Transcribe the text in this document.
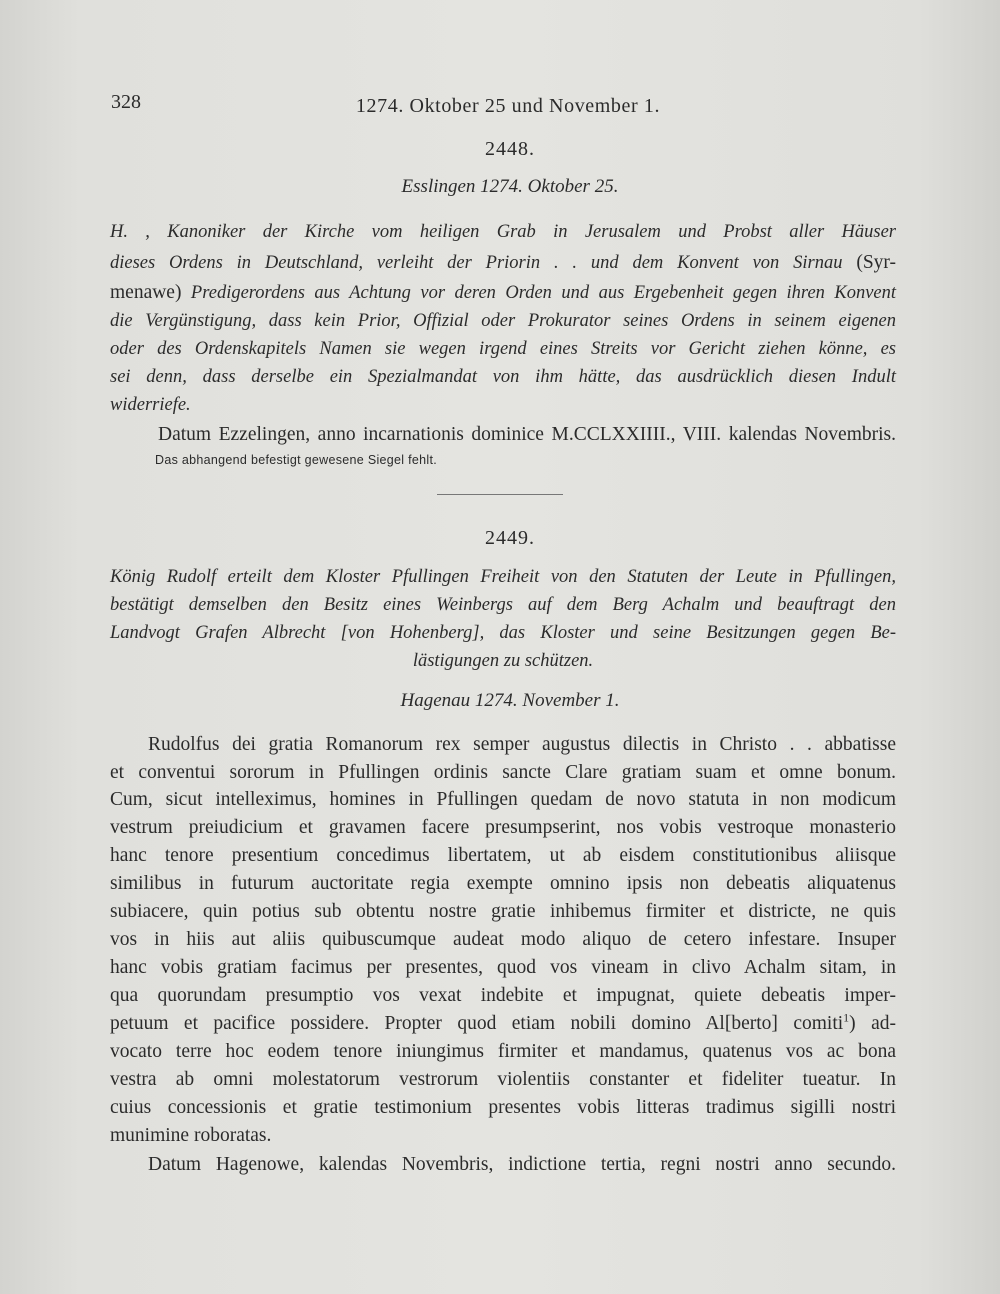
328	1274. Oktober 25 und November 1.

2448.

Esslingen 1274. Oktober 25.

H. , Kanoniker der Kirche vom heiligen Grab in Jerusalem und Probst aller Häuser

dieses Ordens in Deutschland, verleiht der Priorin . . und dem Konvent von Sirnau (Syr-

menawe) Predigerordens aus Achtung vor deren Orden und aus Ergebenheit gegen ihren Konvent

die Vergünstigung, dass kein Prior, Offizial oder Prokurator seines Ordens in seinem eigenen

oder des Ordenskapitels Namen sie wegen irgend eines Streits vor Gericht ziehen könne, es

sei denn, dass derselbe ein Spezialmandat von ihm hätte, das ausdrücklich diesen Indult

widerriefe.

Datum Ezzelingen, anno incarnationis dominice M.CCLXXIIII., VIII. kalendas Novembris.

Das abhangend befestigt gewesene Siegel fehlt.

2449.

König Rudolf erteilt dem Kloster Pfullingen Freiheit von den Statuten der Leute in Pfullingen,

bestätigt demselben den Besitz eines Weinbergs auf dem Berg Achalm und beauftragt den

Landvogt Grafen Albrecht [von Hohenberg], das Kloster und seine Besitzungen gegen Be-

lästigungen zu schützen.

Hagenau 1274. November 1.

Rudolfus dei gratia Romanorum rex semper augustus dilectis in Christo . . abbatisse

et conventui sororum in Pfullingen ordinis sancte Clare gratiam suam et omne bonum.

Cum, sicut intelleximus, homines in Pfullingen quedam de novo statuta in non modicum

vestrum preiudicium et gravamen facere presumpserint, nos vobis vestroque monasterio

hanc tenore presentium concedimus libertatem, ut ab eisdem constitutionibus aliisque

similibus in futurum auctoritate regia exempte omnino ipsis non debeatis aliquatenus

subiacere, quin potius sub obtentu nostre gratie inhibemus firmiter et districte, ne quis

vos in hiis aut aliis quibuscumque audeat modo aliquo de cetero infestare. Insuper

hanc vobis gratiam facimus per presentes, quod vos vineam in clivo Achalm sitam, in

qua quorundam presumptio vos vexat indebite et impugnat, quiete debeatis imper-

petuum et pacifice possidere. Propter quod etiam nobili domino Al[berto] comiti$^1$) ad-

vocato terre hoc eodem tenore iniungimus firmiter et mandamus, quatenus vos ac bona

vestra ab omni molestatorum vestrorum violentiis constanter et fideliter tueatur. In

cuius concessionis et gratie testimonium presentes vobis litteras tradimus sigilli nostri

munimine roboratas.

Datum Hagenowe, kalendas Novembris, indictione tertia, regni nostri anno secundo.
